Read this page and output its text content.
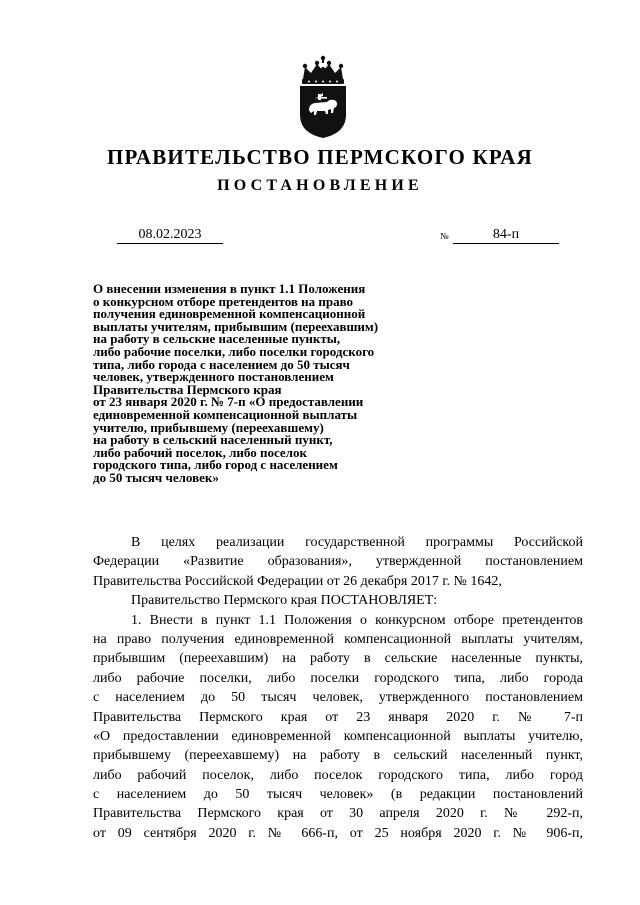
ПРАВИТЕЛЬСТВО ПЕРМСКОГО КРАЯ
ПОСТАНОВЛЕНИЕ
08.02.2023	№	84-п
О внесении изменения в пункт 1.1 Положения
о конкурсном отборе претендентов на право
получения единовременной компенсационной
выплаты учителям, прибывшим (переехавшим)
на работу в сельские населенные пункты,
либо рабочие поселки, либо поселки городского
типа, либо города с населением до 50 тысяч
человек, утвержденного постановлением
Правительства Пермского края
от 23 января 2020 г. № 7-п «О предоставлении
единовременной компенсационной выплаты
учителю, прибывшему (переехавшему)
на работу в сельский населенный пункт,
либо рабочий поселок, либо поселок
городского типа, либо город с населением
до 50 тысяч человек»
В целях реализации государственной программы Российской
Федерации «Развитие образования», утвержденной постановлением
Правительства Российской Федерации от 26 декабря 2017 г. № 1642,
Правительство Пермского края ПОСТАНОВЛЯЕТ:
1. Внести в пункт 1.1 Положения о конкурсном отборе претендентов
на право получения единовременной компенсационной выплаты учителям,
прибывшим (переехавшим) на работу в сельские населенные пункты,
либо рабочие поселки, либо поселки городского типа, либо города
с населением до 50 тысяч человек, утвержденного постановлением
Правительства Пермского края от 23 января 2020 г. № 7-п
«О предоставлении единовременной компенсационной выплаты учителю,
прибывшему (переехавшему) на работу в сельский населенный пункт,
либо рабочий поселок, либо поселок городского типа, либо город
с населением до 50 тысяч человек» (в редакции постановлений
Правительства Пермского края от 30 апреля 2020 г. № 292-п,
от 09 сентября 2020 г. № 666-п, от 25 ноября 2020 г. № 906-п,
